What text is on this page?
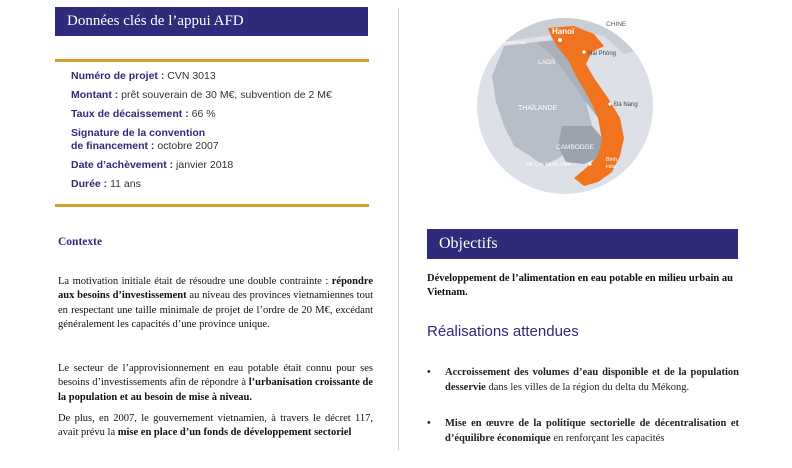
Données clés de l’appui AFD
Numéro de projet : CVN 3013
Montant : prêt souverain de 30 M€, subvention de 2 M€
Taux de décaissement : 66 %
Signature de la convention
de financement : octobre 2007
Date d’achèvement : janvier 2018
Durée : 11 ans
Contexte
La motivation initiale était de résoudre une double contrainte : répondre aux besoins d’investissement au niveau des provinces vietnamiennes tout en respectant une taille minimale de projet de l’ordre de 20 M€, excédant généralement les capacités d’une province unique.
Le secteur de l’approvisionnement en eau potable était connu pour ses besoins d’investissements afin de répondre à l’urbanisation croissante de la population et au besoin de mise à niveau.
De plus, en 2007, le gouvernement vietnamien, à travers le décret 117, avait prévu la mise en place d’un fonds de développement sectoriel
CHINE
Hanoï
BIRMANIE
LAOS
Hai Phòng
THAÏLANDE	Đà Nang
CAMBODGE
Hô Chi Minh-Ville
Binh
Hòa
Objectifs
Développement de l’alimentation en eau potable en milieu urbain au Vietnam.
Réalisations attendues
•	Accroissement des volumes d’eau disponible et de la population desservie dans les villes de la région du delta du Mékong.
•	Mise en œuvre de la politique sectorielle de décentralisation et d’équilibre économique en renforçant les capacités
